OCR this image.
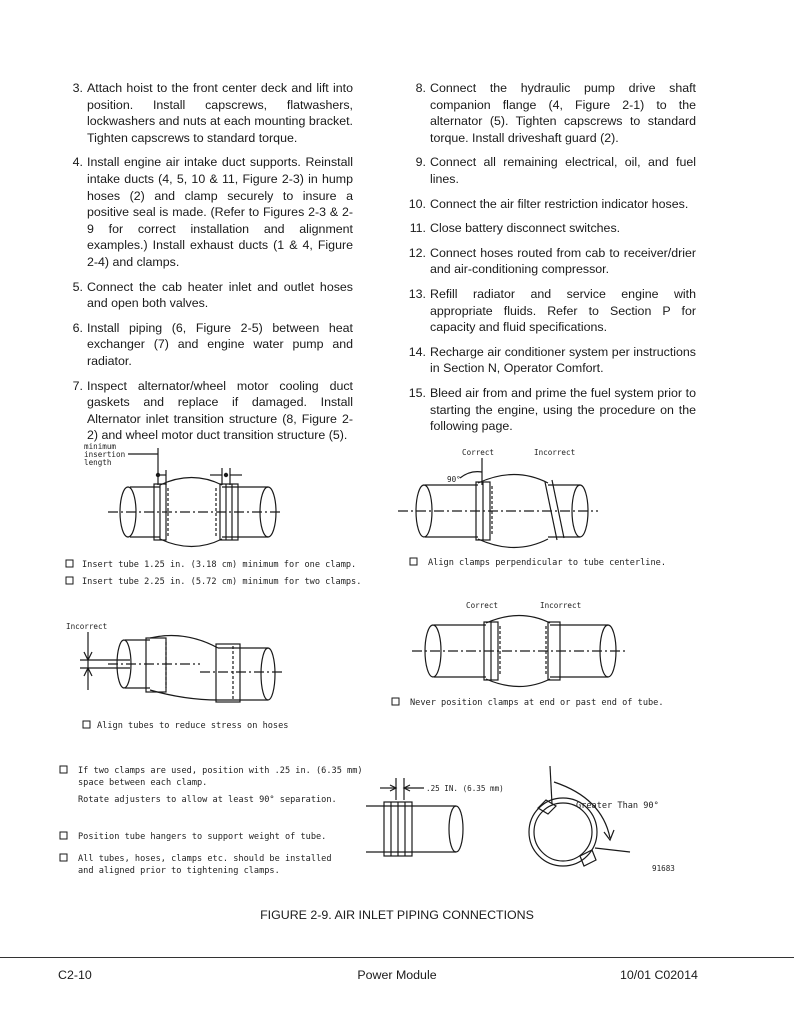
3. Attach hoist to the front center deck and lift into position. Install capscrews, flatwashers, lockwashers and nuts at each mounting bracket. Tighten capscrews to standard torque.
4. Install engine air intake duct supports. Reinstall intake ducts (4, 5, 10 & 11, Figure 2-3) in hump hoses (2) and clamp securely to insure a positive seal is made. (Refer to Figures 2-3 & 2-9 for correct installation and alignment examples.) Install exhaust ducts (1 & 4, Figure 2-4) and clamps.
5. Connect the cab heater inlet and outlet hoses and open both valves.
6. Install piping (6, Figure 2-5) between heat exchanger (7) and engine water pump and radiator.
7. Inspect alternator/wheel motor cooling duct gaskets and replace if damaged. Install Alternator inlet transition structure (8, Figure 2-2) and wheel motor duct transition structure (5).
8. Connect the hydraulic pump drive shaft companion flange (4, Figure 2-1) to the alternator (5). Tighten capscrews to standard torque. Install driveshaft guard (2).
9. Connect all remaining electrical, oil, and fuel lines.
10. Connect the air filter restriction indicator hoses.
11. Close battery disconnect switches.
12. Connect hoses routed from cab to receiver/drier and air-conditioning compressor.
13. Refill radiator and service engine with appropriate fluids. Refer to Section P for capacity and fluid specifications.
14. Recharge air conditioner system per instructions in Section N, Operator Comfort.
15. Bleed air from and prime the fuel system prior to starting the engine, using the procedure on the following page.
minimum
insertion
length
Insert tube 1.25 in. (3.18 cm) minimum for one clamp.
Insert tube 2.25 in. (5.72 cm) minimum for two clamps.
Correct	Incorrect
90°
Align clamps perpendicular to tube centerline.
Incorrect
Align tubes to reduce stress on hoses
Correct	Incorrect
Never position clamps at end or past end of tube.
If two clamps are used, position with .25 in. (6.35 mm)
space between each clamp.
Rotate adjusters to allow at least 90° separation.
Position tube hangers to support weight of tube.
All tubes, hoses, clamps etc. should be installed
and aligned prior to tightening clamps.
.25 IN. (6.35 mm)
Greater Than 90°
91683
FIGURE 2-9. AIR INLET PIPING CONNECTIONS
C2-10	Power Module	10/01 C02014
